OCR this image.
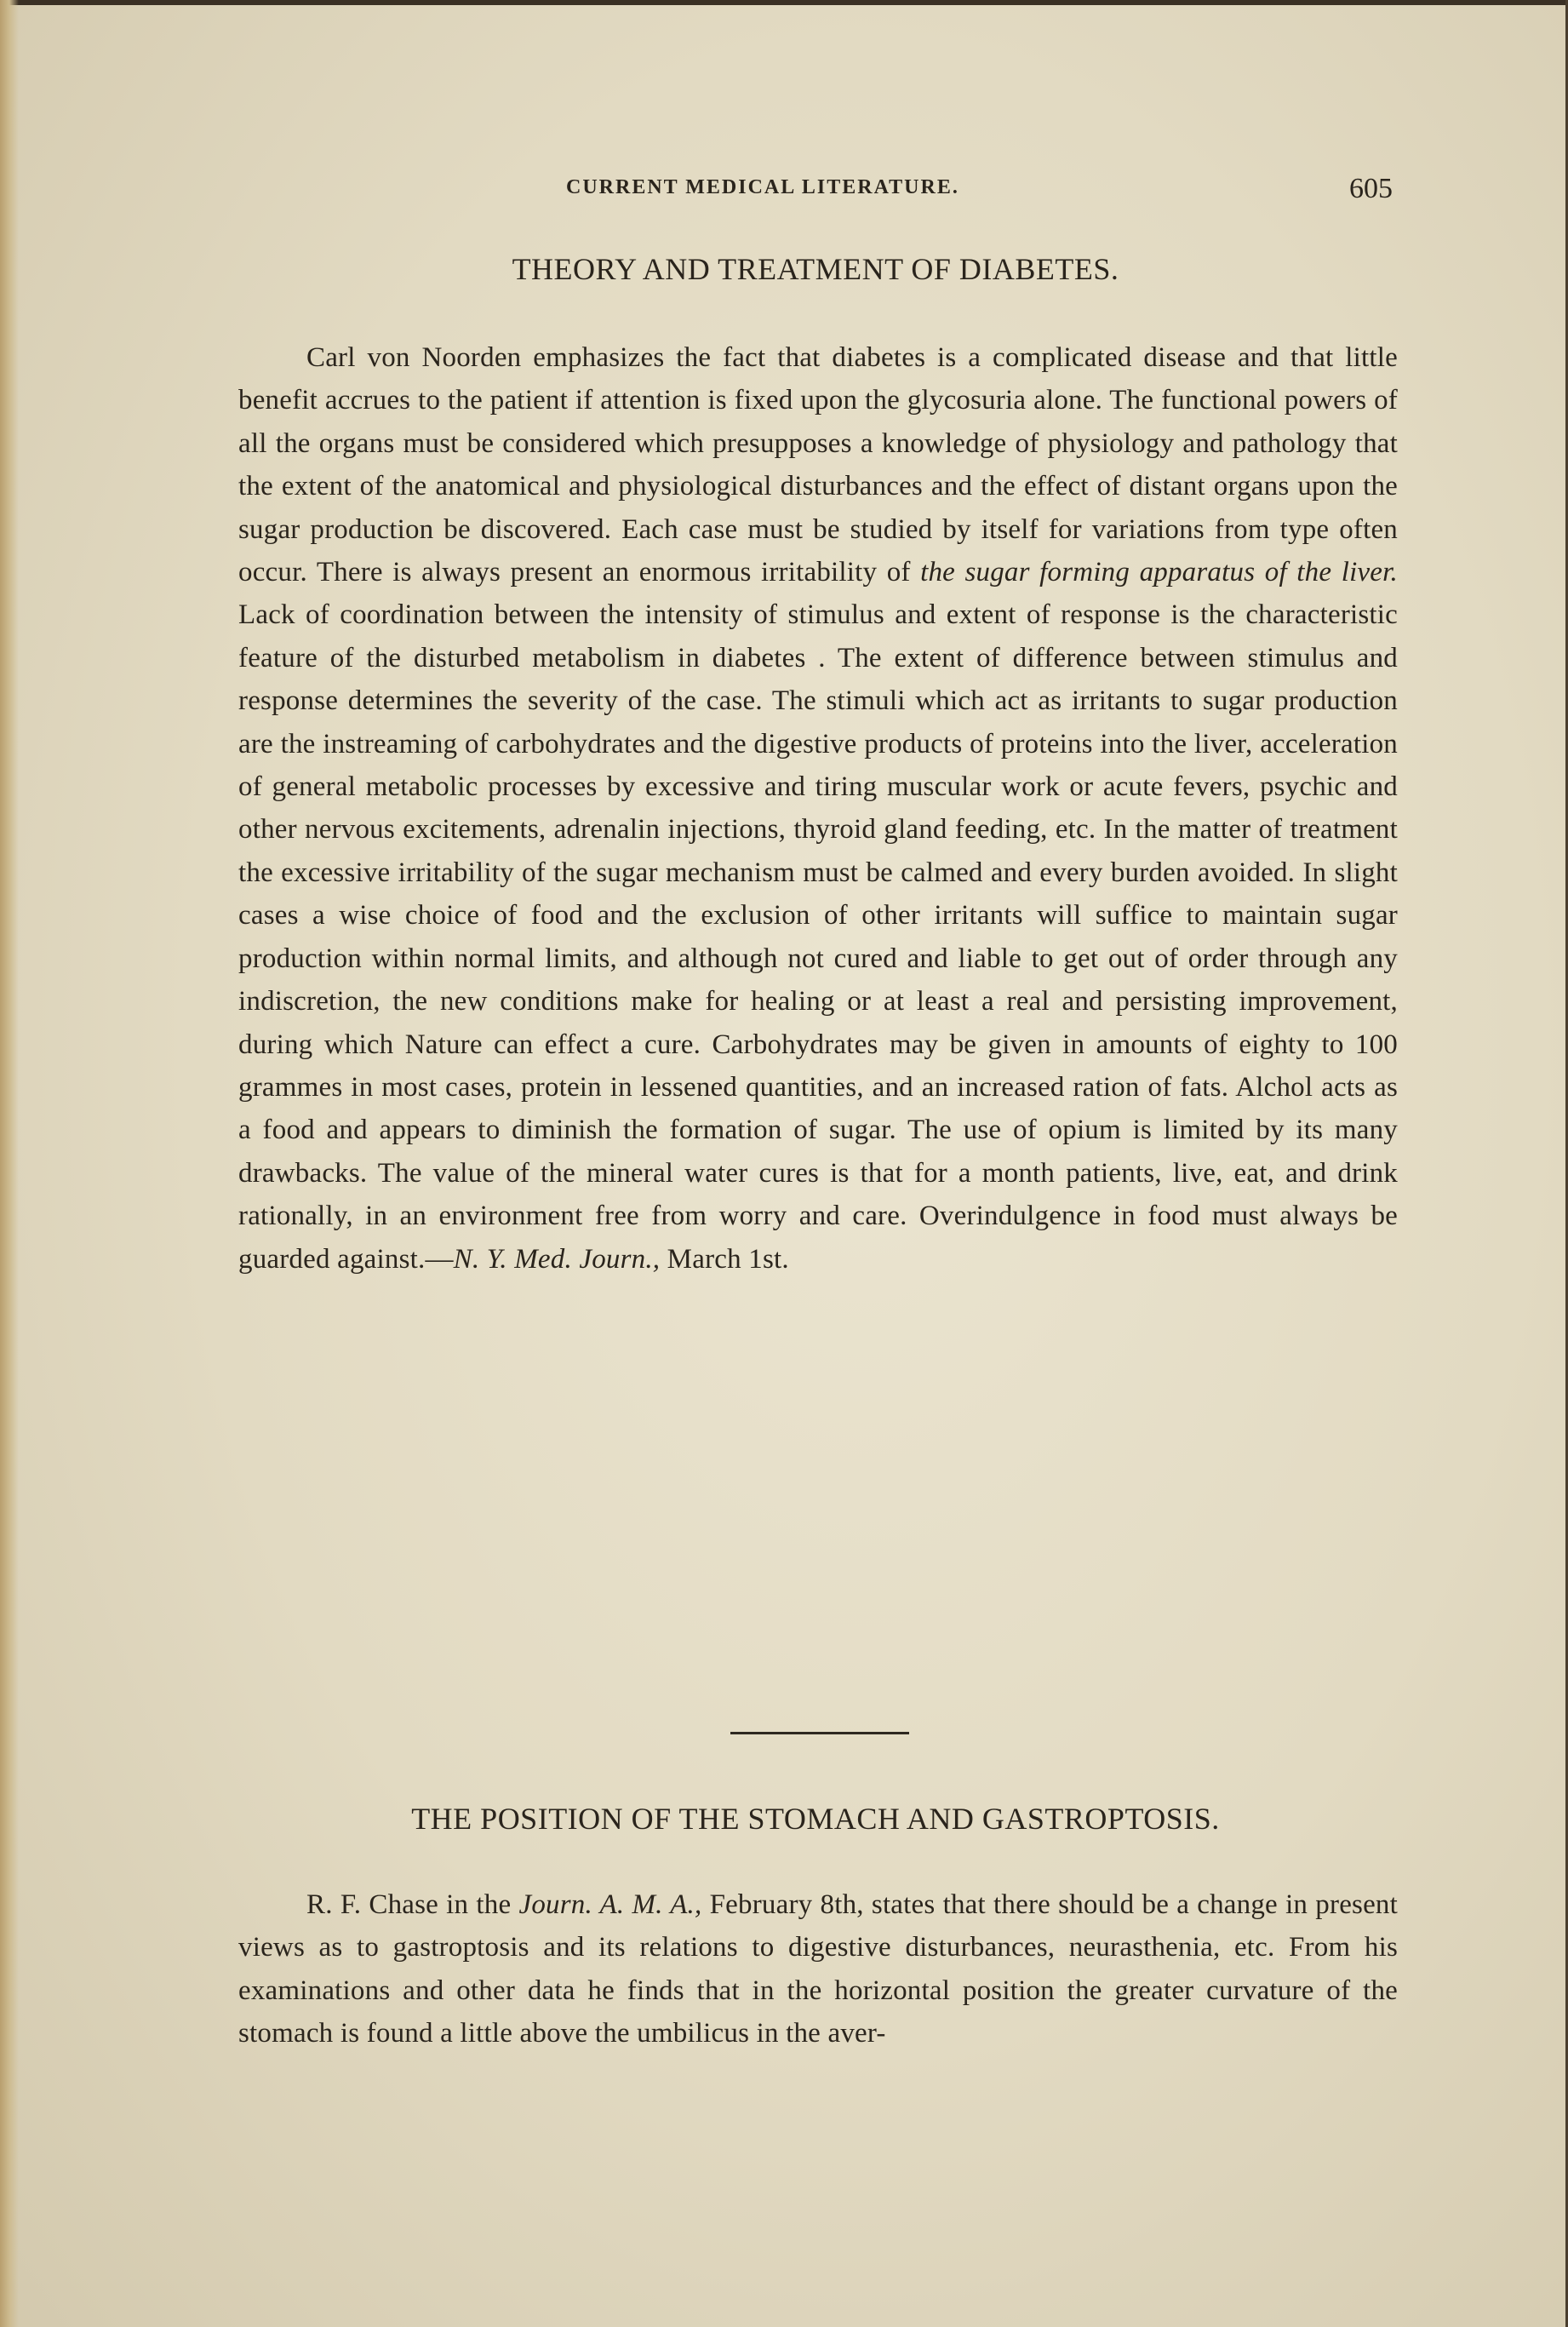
CURRENT MEDICAL LITERATURE.	605
THEORY AND TREATMENT OF DIABETES.

Carl von Noorden emphasizes the fact that diabetes is a complicated disease and that little benefit accrues to the patient if attention is fixed upon the glycosuria alone. The functional powers of all the organs must be considered which presupposes a knowledge of physiology and pathology that the extent of the anatomical and physiological disturbances and the effect of distant organs upon the sugar production be discovered. Each case must be studied by itself for variations from type often occur. There is always present an enormous irritability of the sugar forming apparatus of the liver. Lack of coordination between the intensity of stimulus and extent of response is the characteristic feature of the disturbed metabolism in diabetes . The extent of difference between stimulus and response determines the severity of the case. The stimuli which act as irritants to sugar production are the instreaming of carbohydrates and the digestive products of proteins into the liver, acceleration of general metabolic processes by excessive and tiring muscular work or acute fevers, psychic and other nervous excitements, adrenalin injections, thyroid gland feeding, etc. In the matter of treatment the excessive irritability of the sugar mechanism must be calmed and every burden avoided. In slight cases a wise choice of food and the exclusion of other irritants will suffice to maintain sugar production within normal limits, and although not cured and liable to get out of order through any indiscretion, the new conditions make for healing or at least a real and persisting improvement, during which Nature can effect a cure. Carbohydrates may be given in amounts of eighty to 100 grammes in most cases, protein in lessened quantities, and an increased ration of fats. Alchol acts as a food and appears to diminish the formation of sugar. The use of opium is limited by its many drawbacks. The value of the mineral water cures is that for a month patients, live, eat, and drink rationally, in an environment free from worry and care. Overindulgence in food must always be guarded against.—N. Y. Med. Journ., March 1st.

THE POSITION OF THE STOMACH AND GASTROPTOSIS.

R. F. Chase in the Journ. A. M. A., February 8th, states that there should be a change in present views as to gastroptosis and its relations to digestive disturbances, neurasthenia, etc. From his examinations and other data he finds that in the horizontal position the greater curvature of the stomach is found a little above the umbilicus in the aver-
